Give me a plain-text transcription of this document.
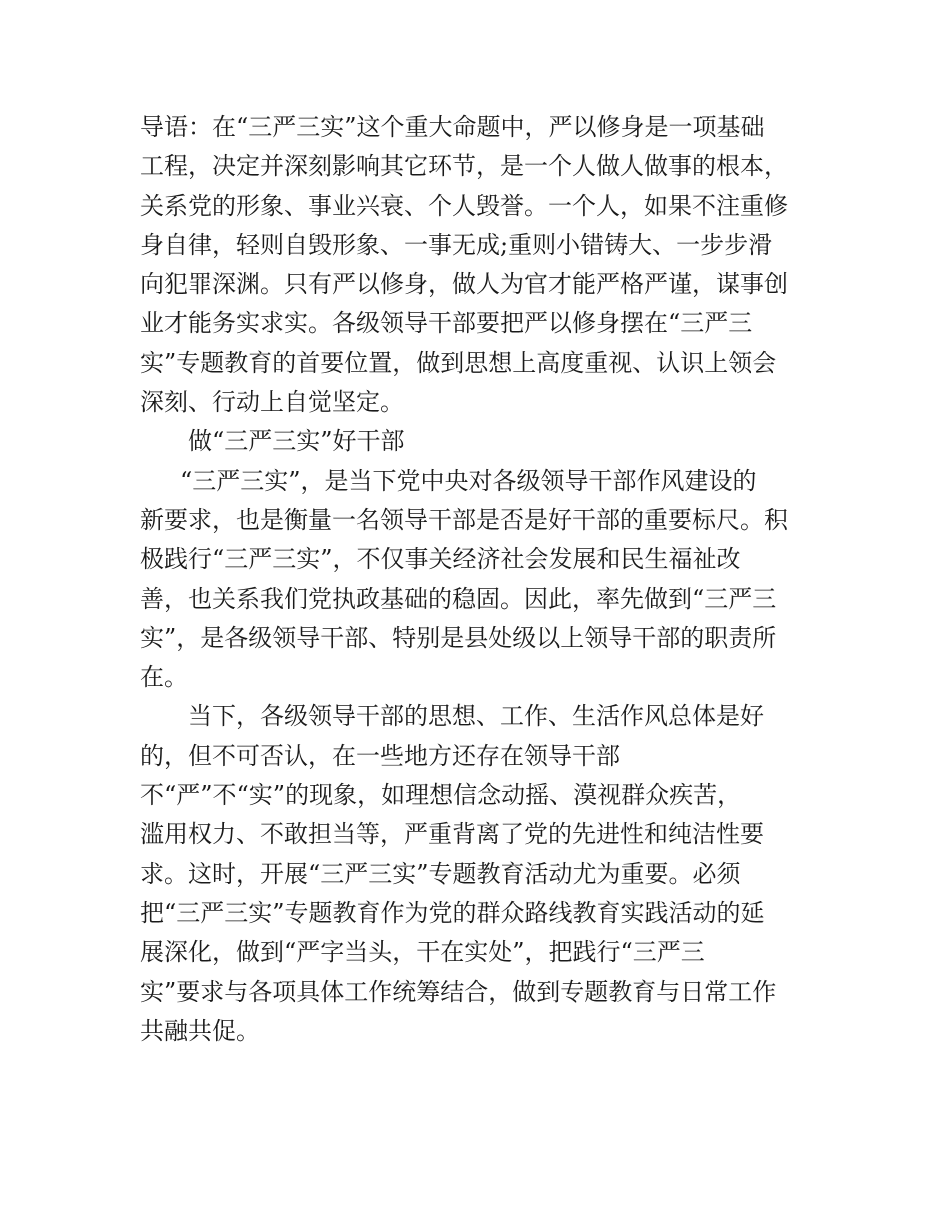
导语：在“三严三实”这个重大命题中，严以修身是一项基础
工程，决定并深刻影响其它环节，是一个人做人做事的根本，
关系党的形象、事业兴衰、个人毁誉。一个人，如果不注重修
身自律，轻则自毁形象、一事无成;重则小错铸大、一步步滑
向犯罪深渊。只有严以修身，做人为官才能严格严谨，谋事创
业才能务实求实。各级领导干部要把严以修身摆在“三严三
实”专题教育的首要位置，做到思想上高度重视、认识上领会
深刻、行动上自觉坚定。
做“三严三实”好干部
“三严三实”，是当下党中央对各级领导干部作风建设的
新要求，也是衡量一名领导干部是否是好干部的重要标尺。积
极践行“三严三实”，不仅事关经济社会发展和民生福祉改
善，也关系我们党执政基础的稳固。因此，率先做到“三严三
实”，是各级领导干部、特别是县处级以上领导干部的职责所
在。
当下，各级领导干部的思想、工作、生活作风总体是好
的，但不可否认，在一些地方还存在领导干部
不“严”不“实”的现象，如理想信念动摇、漠视群众疾苦，
滥用权力、不敢担当等，严重背离了党的先进性和纯洁性要
求。这时，开展“三严三实”专题教育活动尤为重要。必须
把“三严三实”专题教育作为党的群众路线教育实践活动的延
展深化，做到“严字当头，干在实处”，把践行“三严三
实”要求与各项具体工作统筹结合，做到专题教育与日常工作
共融共促。
